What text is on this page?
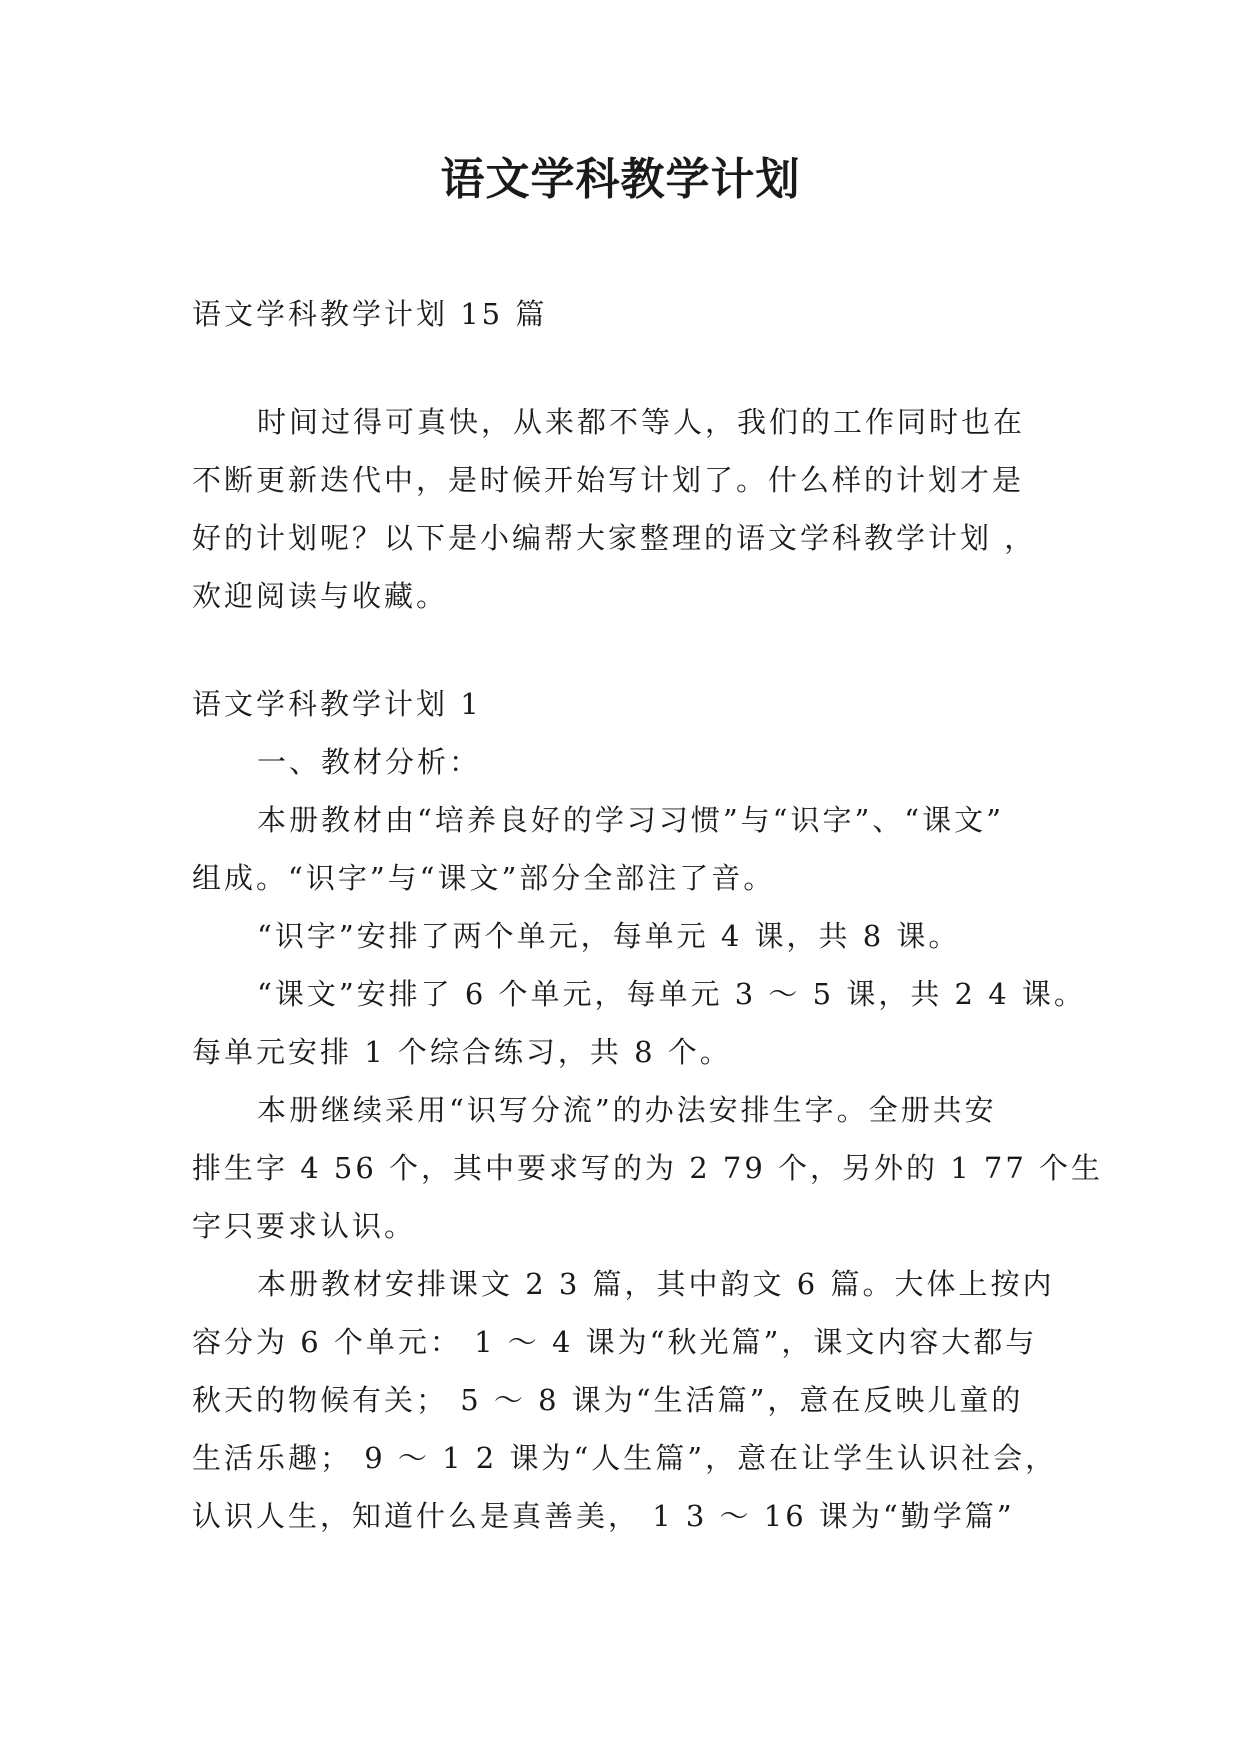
语文学科教学计划

语文学科教学计划 15 篇

时间过得可真快，从来都不等人，我们的工作同时也在

不断更新迭代中，是时候开始写计划了。什么样的计划才是

好的计划呢？以下是小编帮大家整理的语文学科教学计划 ，

欢迎阅读与收藏。

语文学科教学计划 1

一、教材分析：

本册教材由“培养良好的学习习惯”与“识字”、“课文”

组成。“识字”与“课文”部分全部注了音。

“识字”安排了两个单元，每单元 4 课，共 8 课。

“课文”安排了 6 个单元，每单元 3 ～ 5 课，共 2 4 课。

每单元安排 1 个综合练习，共 8 个。

本册继续采用“识写分流”的办法安排生字。全册共安

排生字 4 56 个，其中要求写的为 2 79 个，另外的 1 77 个生

字只要求认识。

本册教材安排课文 2 3 篇，其中韵文 6 篇。大体上按内

容分为 6 个单元： 1 ～ 4 课为“秋光篇”，课文内容大都与

秋天的物候有关； 5 ～ 8 课为“生活篇”，意在反映儿童的

生活乐趣； 9 ～ 1 2 课为“人生篇”，意在让学生认识社会，

认识人生，知道什么是真善美， 1 3 ～ 16 课为“勤学篇”
